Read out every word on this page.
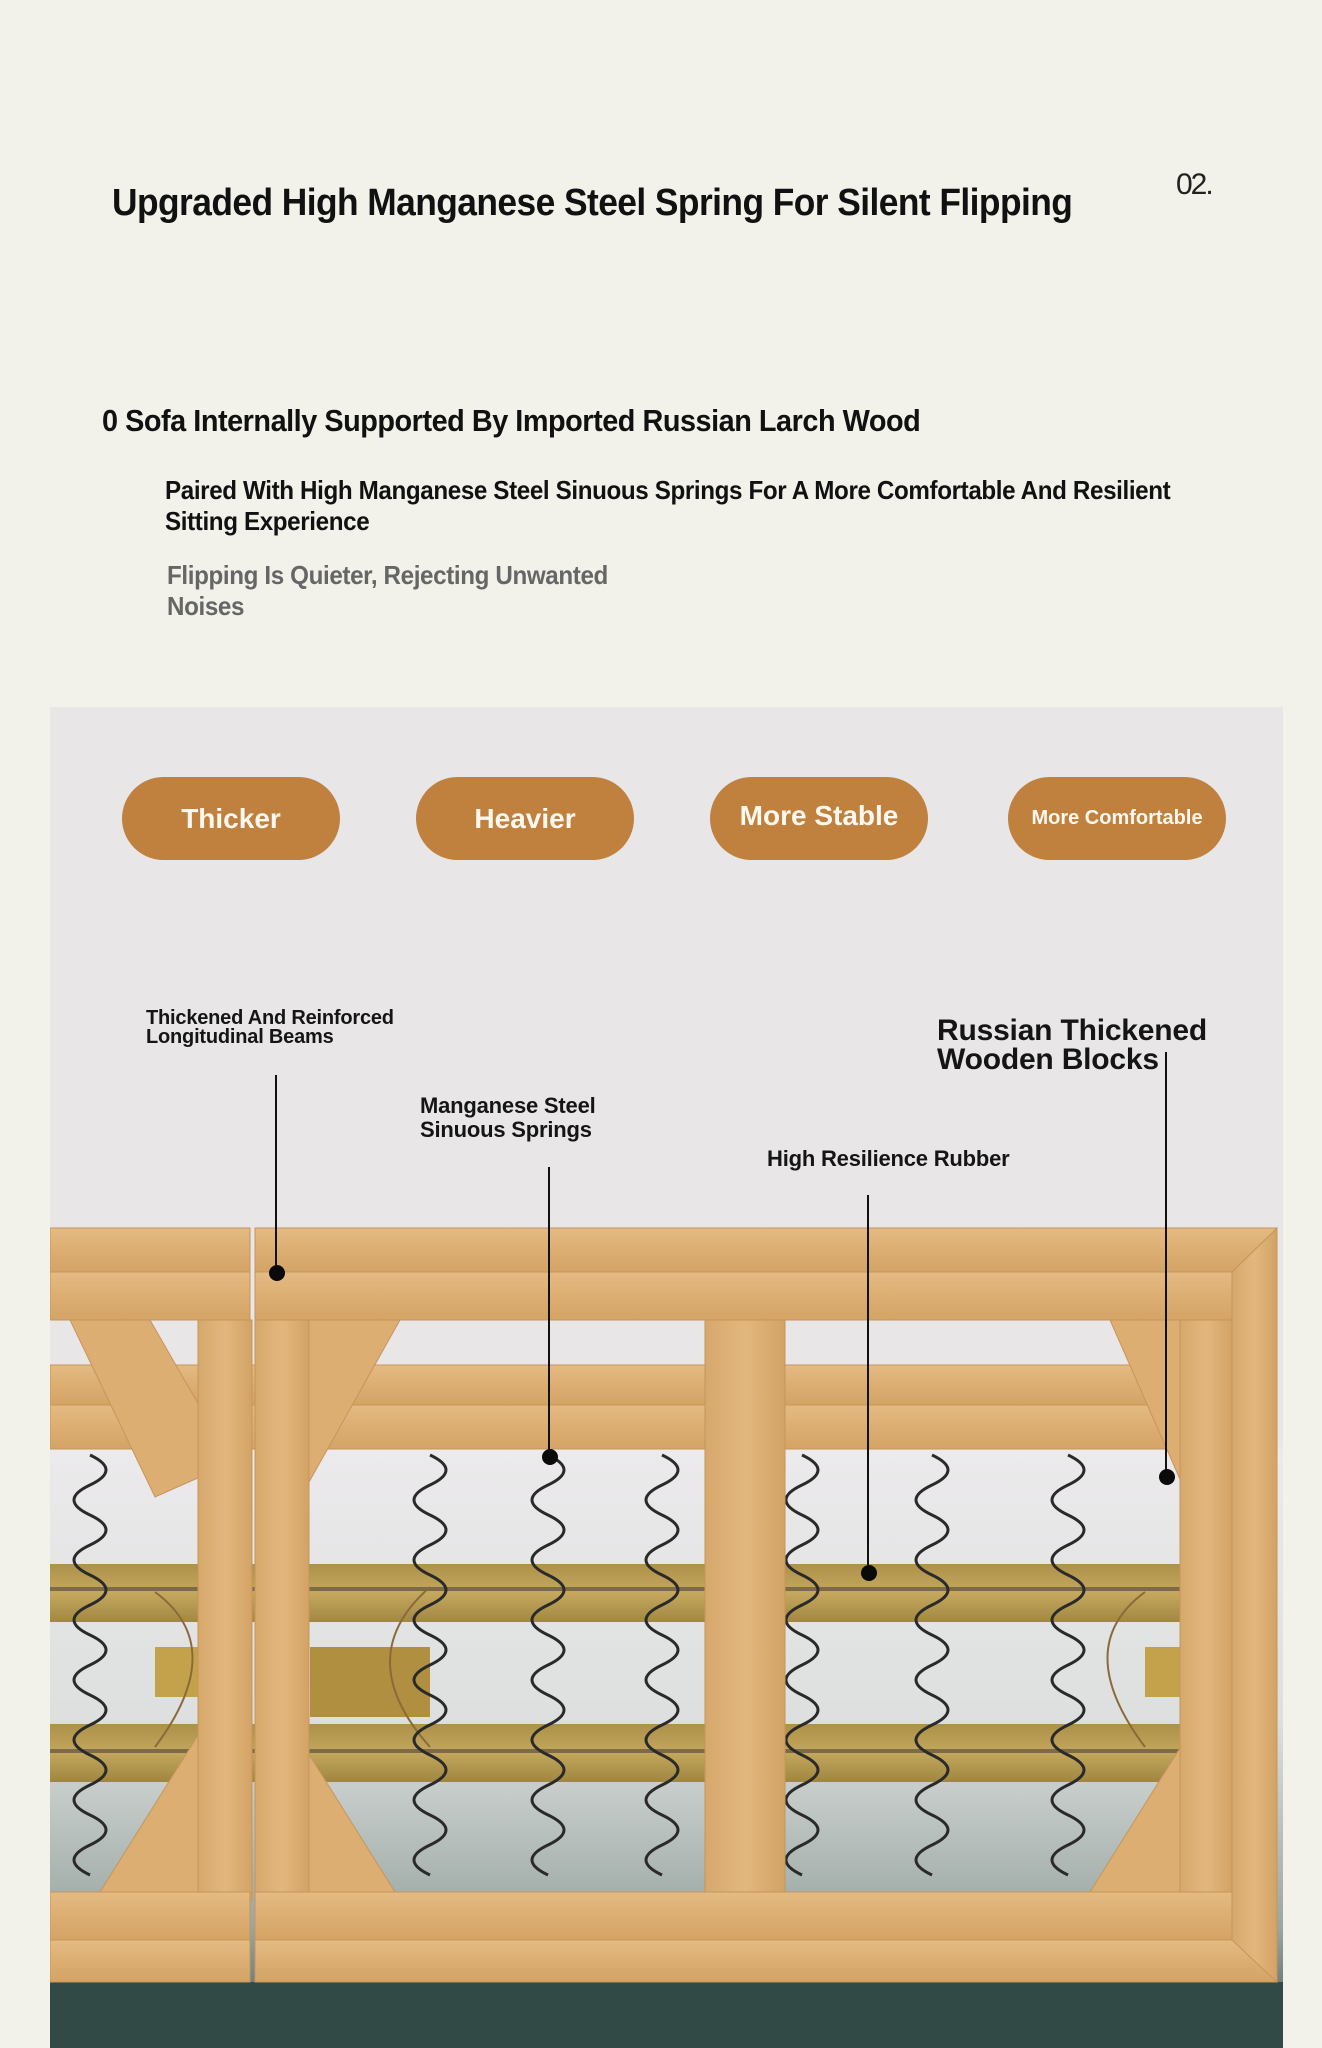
Upgraded High Manganese Steel Spring For Silent Flipping	02.
0 Sofa Internally Supported By Imported Russian Larch Wood
Paired With High Manganese Steel Sinuous Springs For A More Comfortable And Resilient Sitting Experience
Flipping Is Quieter, Rejecting Unwanted Noises
Thicker	Heavier	More Stable	More Comfortable
Thickened And Reinforced
Longitudinal Beams
Manganese Steel
Sinuous Springs
High Resilience Rubber
Russian Thickened
Wooden Blocks
